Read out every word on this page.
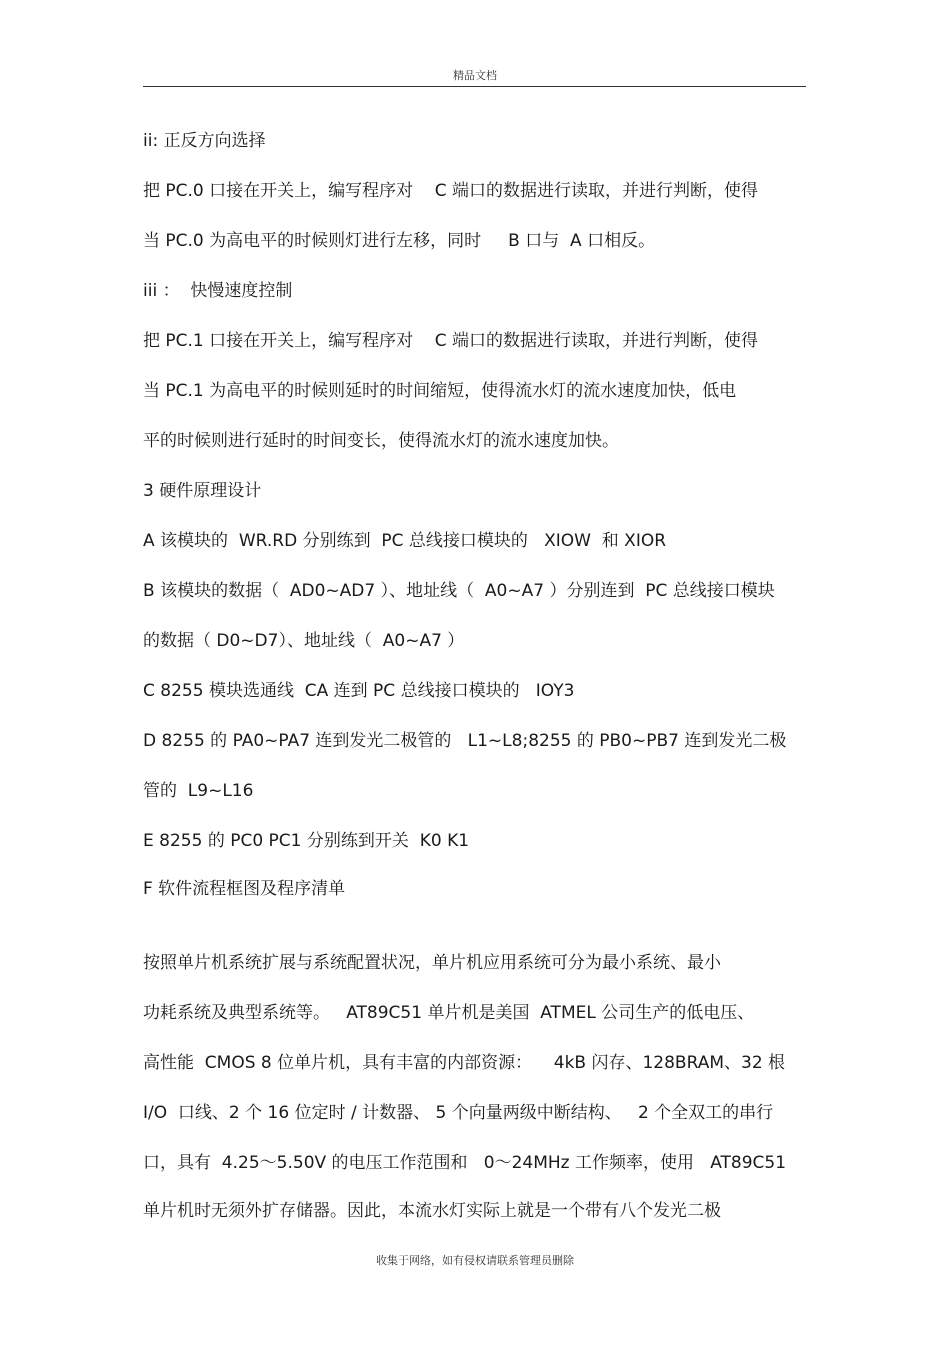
精品文档
ii: 正反方向选择
把 PC.0 口接在开关上，编写程序对    C 端口的数据进行读取，并进行判断，使得
当 PC.0 为高电平的时候则灯进行左移，同时     B 口与  A 口相反。
iii ：  快慢速度控制
把 PC.1 口接在开关上，编写程序对    C 端口的数据进行读取，并进行判断，使得
当 PC.1 为高电平的时候则延时的时间缩短，使得流水灯的流水速度加快，低电
平的时候则进行延时的时间变长，使得流水灯的流水速度加快。
3 硬件原理设计
A 该模块的  WR.RD 分别练到  PC 总线接口模块的   XIOW  和 XIOR
B 该模块的数据（  AD0~AD7 ）、地址线（  A0~A7 ）分别连到  PC 总线接口模块
的数据（ D0~D7）、地址线（  A0~A7 ）
C 8255 模块选通线  CA 连到 PC 总线接口模块的   IOY3
D 8255 的 PA0~PA7 连到发光二极管的   L1~L8;8255 的 PB0~PB7 连到发光二极
管的  L9~L16
E 8255 的 PC0 PC1 分别练到开关  K0 K1
F 软件流程框图及程序清单
按照单片机系统扩展与系统配置状况，单片机应用系统可分为最小系统、最小
功耗系统及典型系统等。   AT89C51 单片机是美国  ATMEL 公司生产的低电压、
高性能  CMOS 8 位单片机，具有丰富的内部资源：    4kB 闪存、128BRAM、32 根
I/O  口线、2 个 16 位定时 / 计数器、 5 个向量两级中断结构、   2 个全双工的串行
口，具有  4.25～5.50V 的电压工作范围和   0～24MHz 工作频率，使用   AT89C51
单片机时无须外扩存储器。因此，本流水灯实际上就是一个带有八个发光二极
收集于网络，如有侵权请联系管理员删除
